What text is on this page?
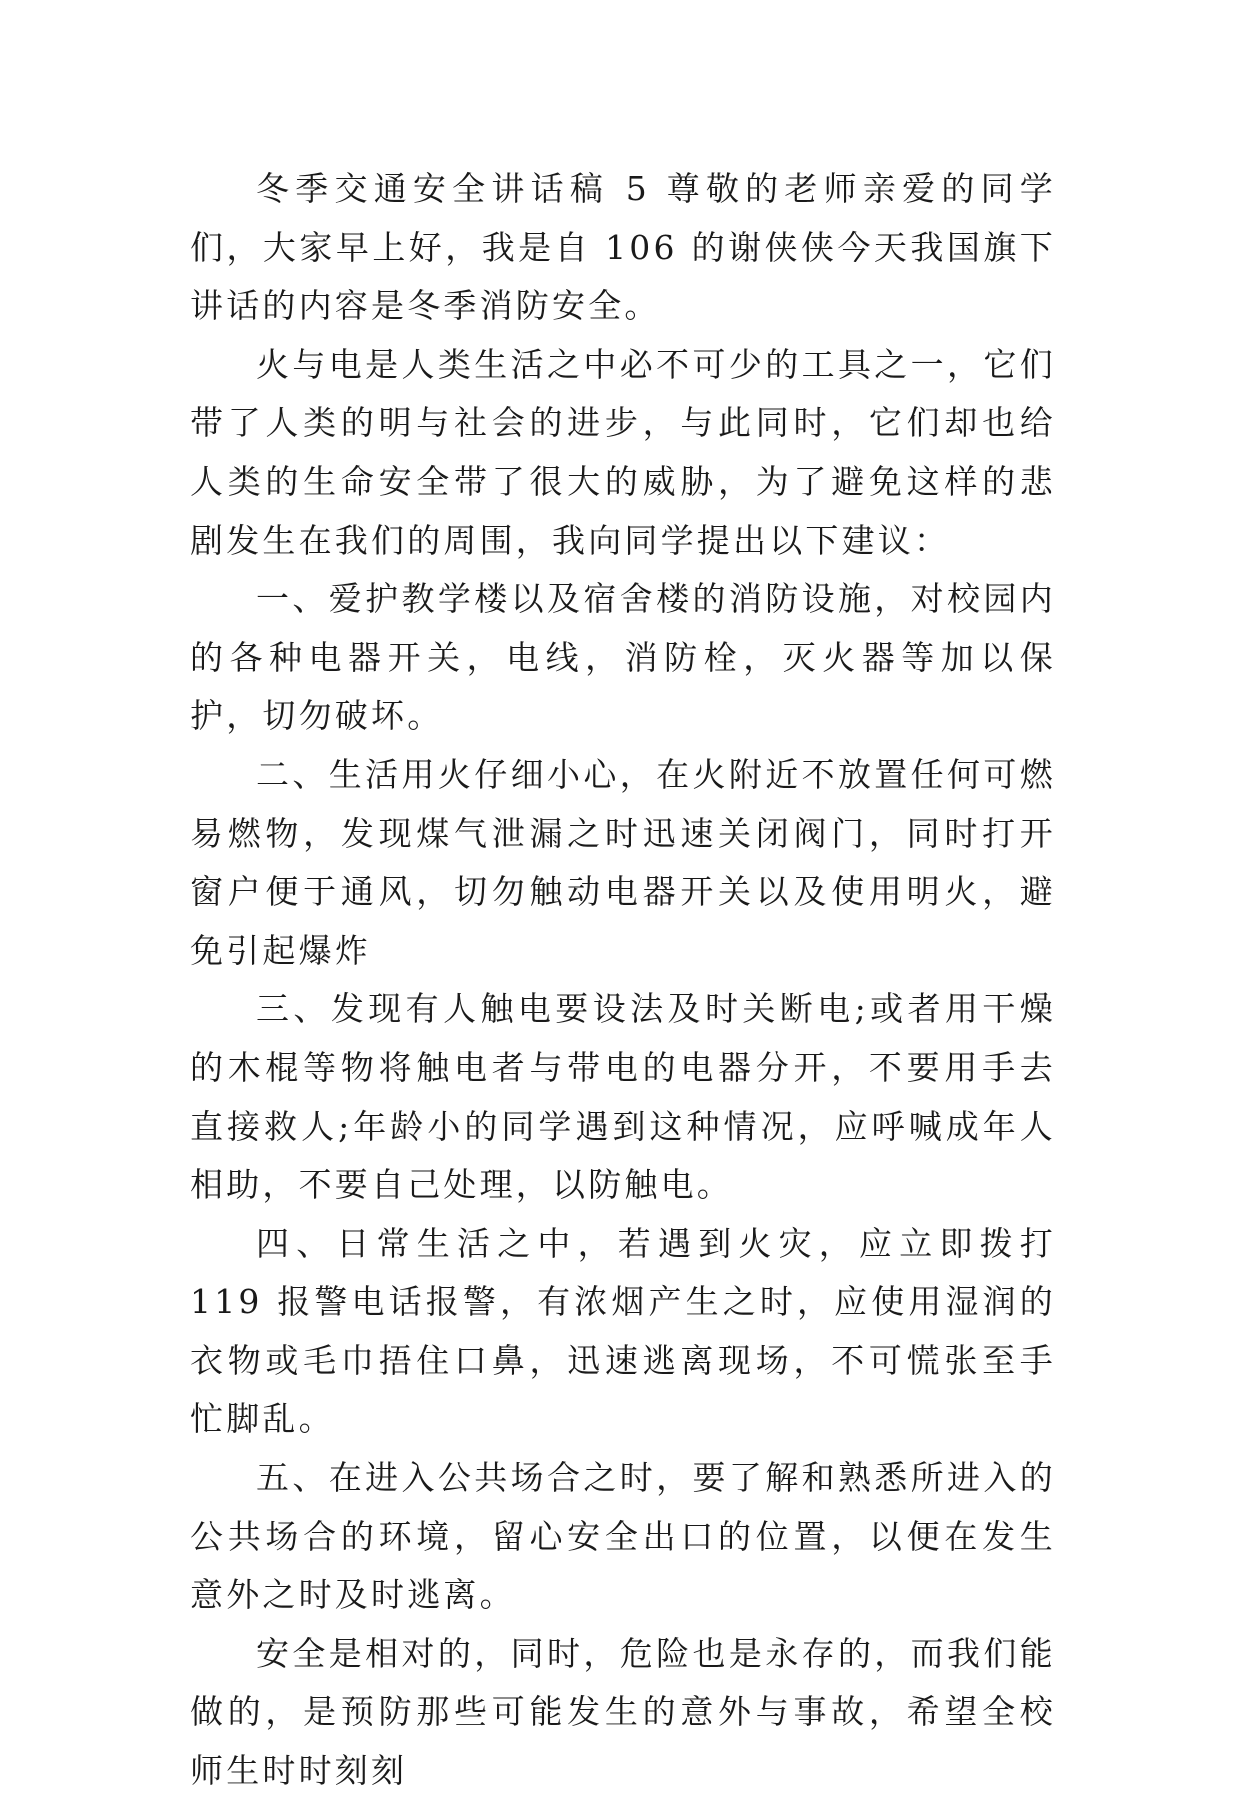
冬季交通安全讲话稿 5 尊敬的老师亲爱的同学们，大家早上好，我是自 106 的谢侠侠今天我国旗下讲话的内容是冬季消防安全。

火与电是人类生活之中必不可少的工具之一，它们带了人类的明与社会的进步，与此同时，它们却也给人类的生命安全带了很大的威胁，为了避免这样的悲剧发生在我们的周围，我向同学提出以下建议：

一、爱护教学楼以及宿舍楼的消防设施，对校园内的各种电器开关，电线，消防栓，灭火器等加以保护，切勿破坏。

二、生活用火仔细小心，在火附近不放置任何可燃易燃物，发现煤气泄漏之时迅速关闭阀门，同时打开窗户便于通风，切勿触动电器开关以及使用明火，避免引起爆炸

三、发现有人触电要设法及时关断电;或者用干燥的木棍等物将触电者与带电的电器分开，不要用手去直接救人;年龄小的同学遇到这种情况，应呼喊成年人相助，不要自己处理，以防触电。

四、日常生活之中，若遇到火灾，应立即拨打 119 报警电话报警，有浓烟产生之时，应使用湿润的衣物或毛巾捂住口鼻，迅速逃离现场，不可慌张至手忙脚乱。

五、在进入公共场合之时，要了解和熟悉所进入的公共场合的环境，留心安全出口的位置，以便在发生意外之时及时逃离。

安全是相对的，同时，危险也是永存的，而我们能做的，是预防那些可能发生的意外与事故，希望全校师生时时刻刻
